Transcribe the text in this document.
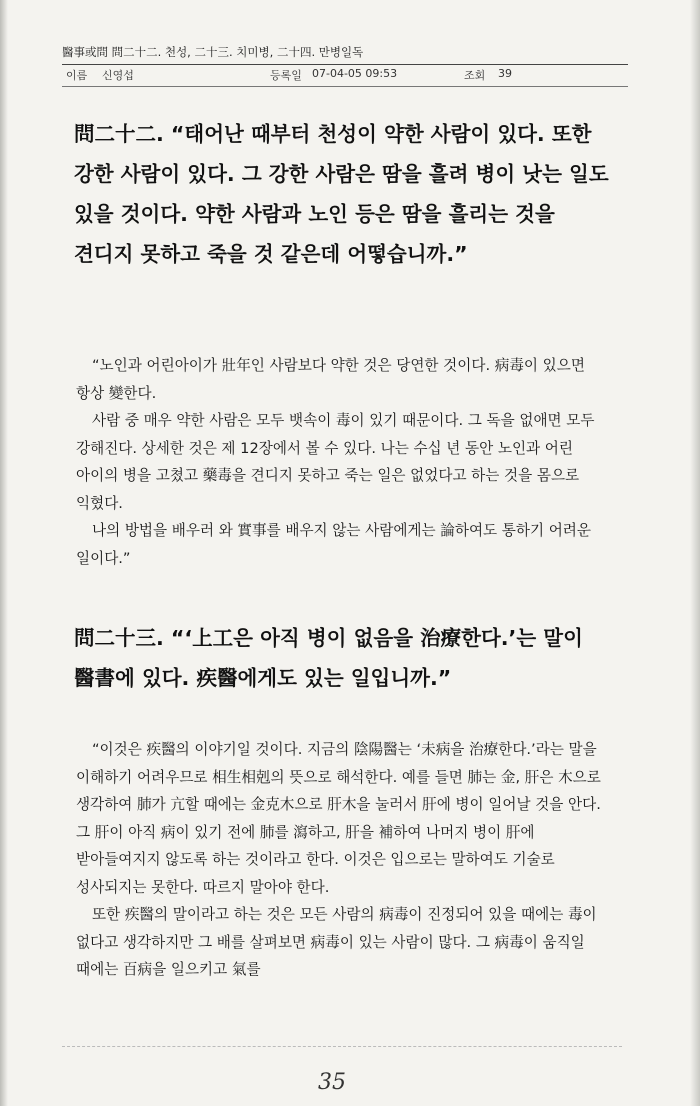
醫事或問 問二十二. 천성, 二十三. 치미병, 二十四. 만병일독
이름 신영섭	등록일 07-04-05 09:53	조회 39

問二十二. “태어난 때부터 천성이 약한 사람이 있다. 또한 강한 사람이 있다. 그 강한 사람은 땀을 흘려 병이 낫는 일도 있을 것이다. 약한 사람과 노인 등은 땀을 흘리는 것을 견디지 못하고 죽을 것 같은데 어떻습니까.”

“노인과 어린아이가 壯年인 사람보다 약한 것은 당연한 것이다. 病毒이 있으면 항상 變한다.

사람 중 매우 약한 사람은 모두 뱃속이 毒이 있기 때문이다. 그 독을 없애면 모두 강해진다. 상세한 것은 제 12장에서 볼 수 있다. 나는 수십 년 동안 노인과 어린 아이의 병을 고쳤고 藥毒을 견디지 못하고 죽는 일은 없었다고 하는 것을 몸으로 익혔다.

나의 방법을 배우러 와 實事를 배우지 않는 사람에게는 論하여도 통하기 어려운 일이다.”

問二十三. “‘上工은 아직 병이 없음을 治療한다.’는 말이 醫書에 있다. 疾醫에게도 있는 일입니까.”

“이것은 疾醫의 이야기일 것이다. 지금의 陰陽醫는 ‘未病을 治療한다.’라는 말을 이해하기 어려우므로 相生相剋의 뜻으로 해석한다. 예를 들면 肺는 金, 肝은 木으로 생각하여 肺가 亢할 때에는 金克木으로 肝木을 눌러서 肝에 병이 일어날 것을 안다. 그 肝이 아직 病이 있기 전에 肺를 瀉하고, 肝을 補하여 나머지 병이 肝에 받아들여지지 않도록 하는 것이라고 한다. 이것은 입으로는 말하여도 기술로 성사되지는 못한다. 따르지 말아야 한다.

또한 疾醫의 말이라고 하는 것은 모든 사람의 病毒이 진정되어 있을 때에는 毒이 없다고 생각하지만 그 배를 살펴보면 病毒이 있는 사람이 많다. 그 病毒이 움직일 때에는 百病을 일으키고 氣를

35
